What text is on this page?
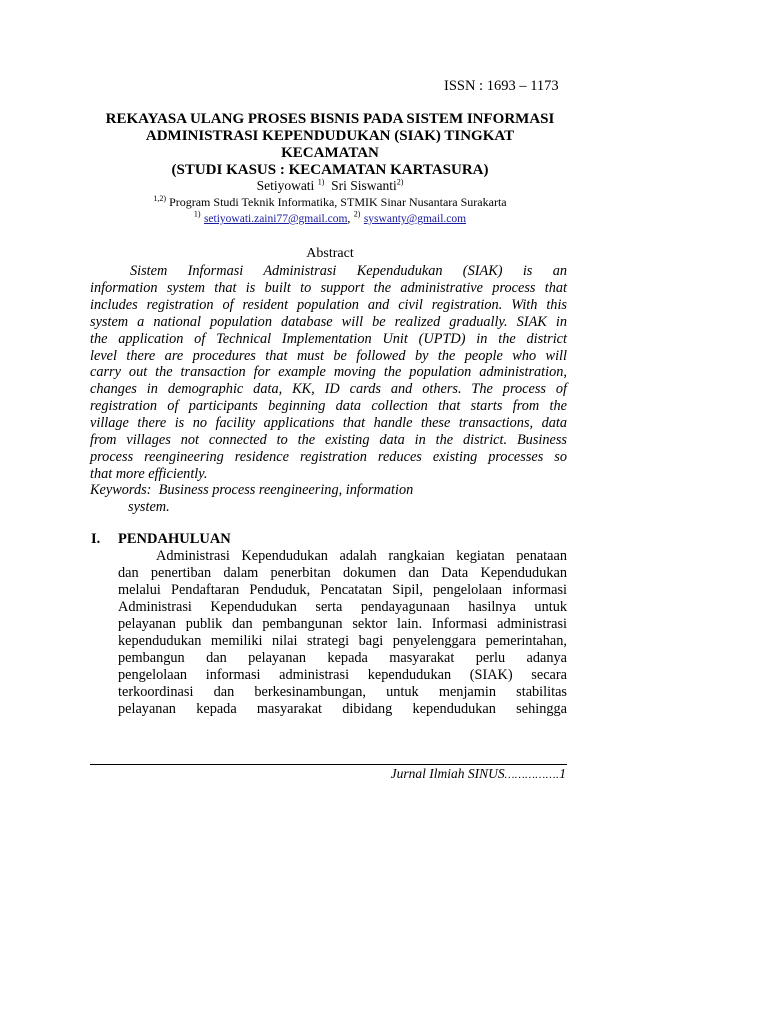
ISSN : 1693 – 1173
REKAYASA ULANG PROSES BISNIS PADA SISTEM INFORMASI
ADMINISTRASI KEPENDUDUKAN (SIAK) TINGKAT
KECAMATAN
(STUDI KASUS : KECAMATAN KARTASURA)
Setiyowati $^{1)}$ Sri Siswanti$^{2)}$
$^{1,2)}$ Program Studi Teknik Informatika, STMIK Sinar Nusantara Surakarta
$^{1)}$ setiyowati.zaini77@gmail.com, $^{2)}$ syswanty@gmail.com
Abstract
Sistem Informasi Administrasi Kependudukan (SIAK) is an
information system that is built to support the administrative process that
includes registration of resident population and civil registration. With this
system a national population database will be realized gradually. SIAK in
the application of Technical Implementation Unit (UPTD) in the district
level there are procedures that must be followed by the people who will
carry out the transaction for example moving the population administration,
changes in demographic data, KK, ID cards and others. The process of
registration of participants beginning data collection that starts from the
village there is no facility applications that handle these transactions, data
from villages not connected to the existing data in the district. Business
process reengineering residence registration reduces existing processes so
that more efficiently.
Keywords: Business process reengineering, information
system.
I. PENDAHULUAN
Administrasi Kependudukan adalah rangkaian kegiatan penataan
dan penertiban dalam penerbitan dokumen dan Data Kependudukan
melalui Pendaftaran Penduduk, Pencatatan Sipil, pengelolaan informasi
Administrasi Kependudukan serta pendayagunaan hasilnya untuk
pelayanan publik dan pembangunan sektor lain. Informasi administrasi
kependudukan memiliki nilai strategi bagi penyelenggara pemerintahan,
pembangun dan pelayanan kepada masyarakat perlu adanya
pengelolaan informasi administrasi kependudukan (SIAK) secara
terkoordinasi dan berkesinambungan, untuk menjamin stabilitas
pelayanan kepada masyarakat dibidang kependudukan sehingga
Jurnal Ilmiah SINUS…………….1
